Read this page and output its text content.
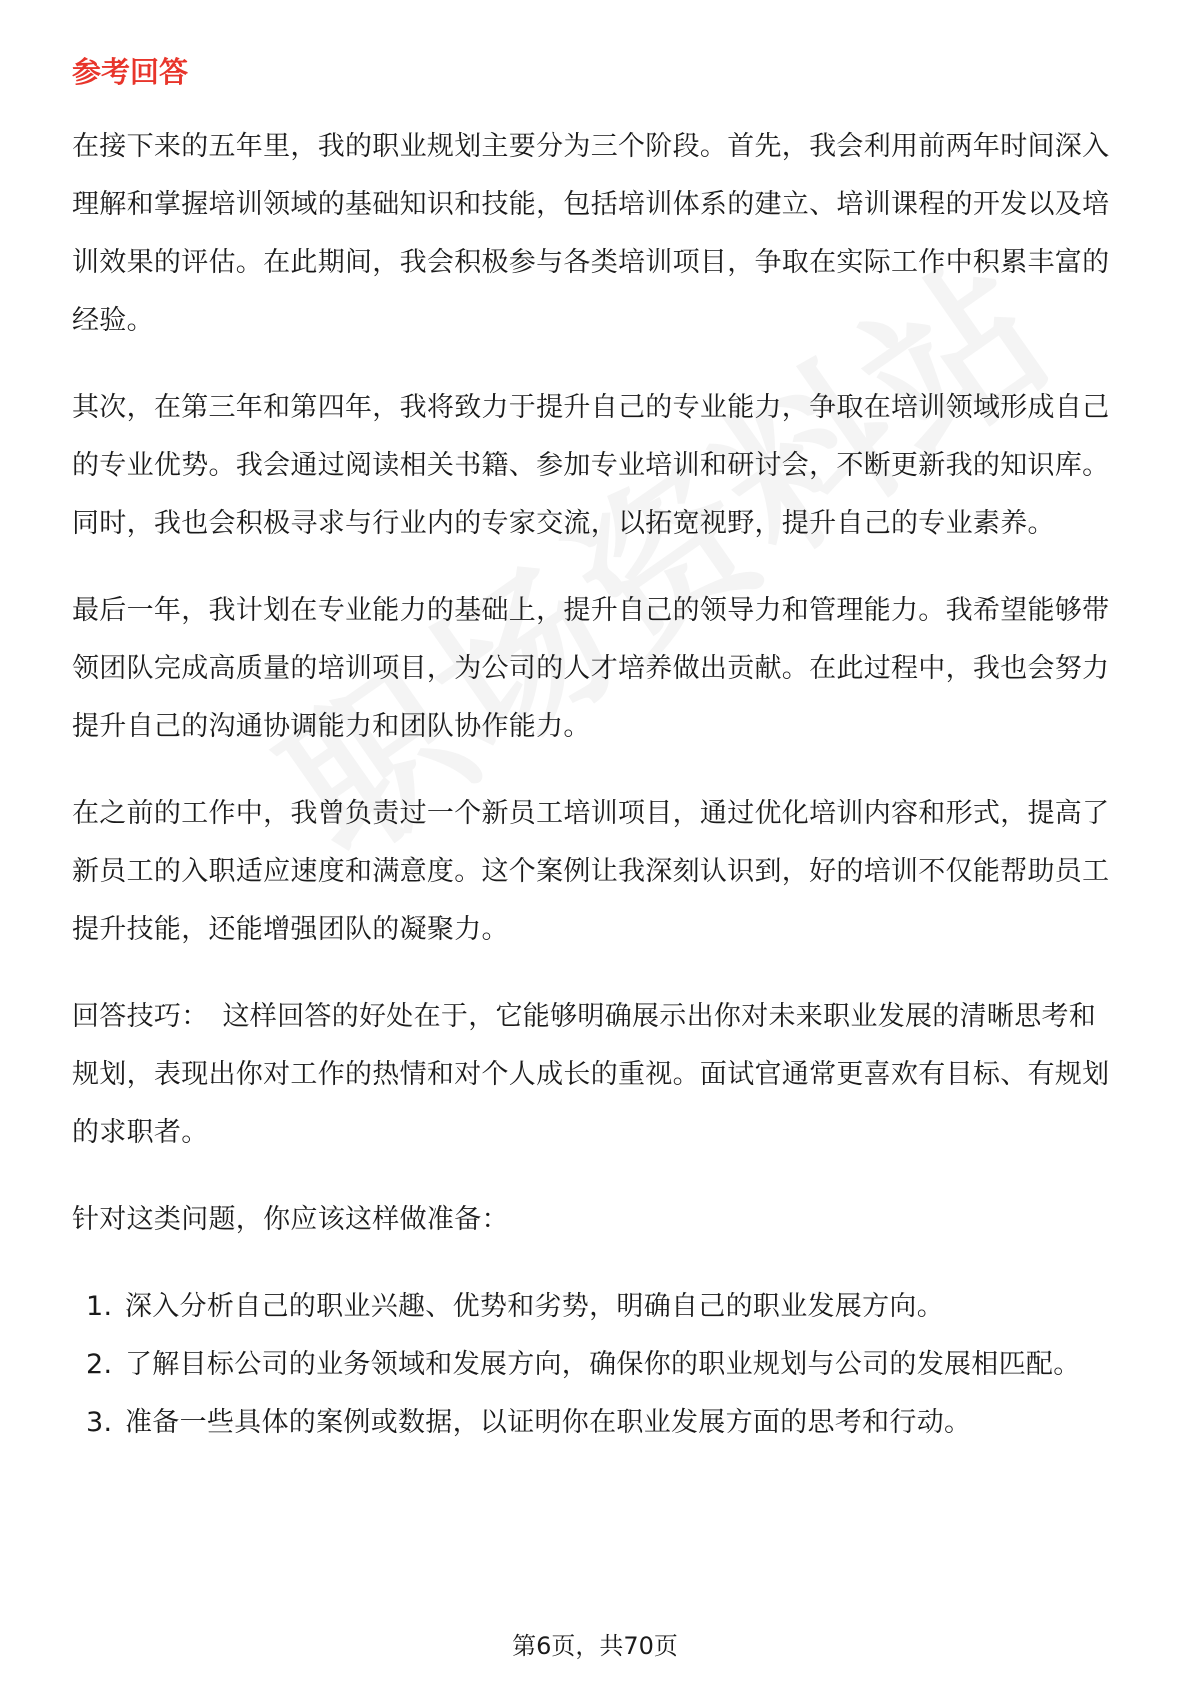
参考回答

在接下来的五年里，我的职业规划主要分为三个阶段。首先，我会利用前两年时间深入理解和掌握培训领域的基础知识和技能，包括培训体系的建立、培训课程的开发以及培训效果的评估。在此期间，我会积极参与各类培训项目，争取在实际工作中积累丰富的经验。

其次，在第三年和第四年，我将致力于提升自己的专业能力，争取在培训领域形成自己的专业优势。我会通过阅读相关书籍、参加专业培训和研讨会，不断更新我的知识库。同时，我也会积极寻求与行业内的专家交流，以拓宽视野，提升自己的专业素养。

最后一年，我计划在专业能力的基础上，提升自己的领导力和管理能力。我希望能够带领团队完成高质量的培训项目，为公司的人才培养做出贡献。在此过程中，我也会努力提升自己的沟通协调能力和团队协作能力。

在之前的工作中，我曾负责过一个新员工培训项目，通过优化培训内容和形式，提高了新员工的入职适应速度和满意度。这个案例让我深刻认识到，好的培训不仅能帮助员工提升技能，还能增强团队的凝聚力。

回答技巧： 这样回答的好处在于，它能够明确展示出你对未来职业发展的清晰思考和规划，表现出你对工作的热情和对个人成长的重视。面试官通常更喜欢有目标、有规划的求职者。

针对这类问题，你应该这样做准备：

1. 深入分析自己的职业兴趣、优势和劣势，明确自己的职业发展方向。
2. 了解目标公司的业务领域和发展方向，确保你的职业规划与公司的发展相匹配。
3. 准备一些具体的案例或数据，以证明你在职业发展方面的思考和行动。
第6页，共70页
